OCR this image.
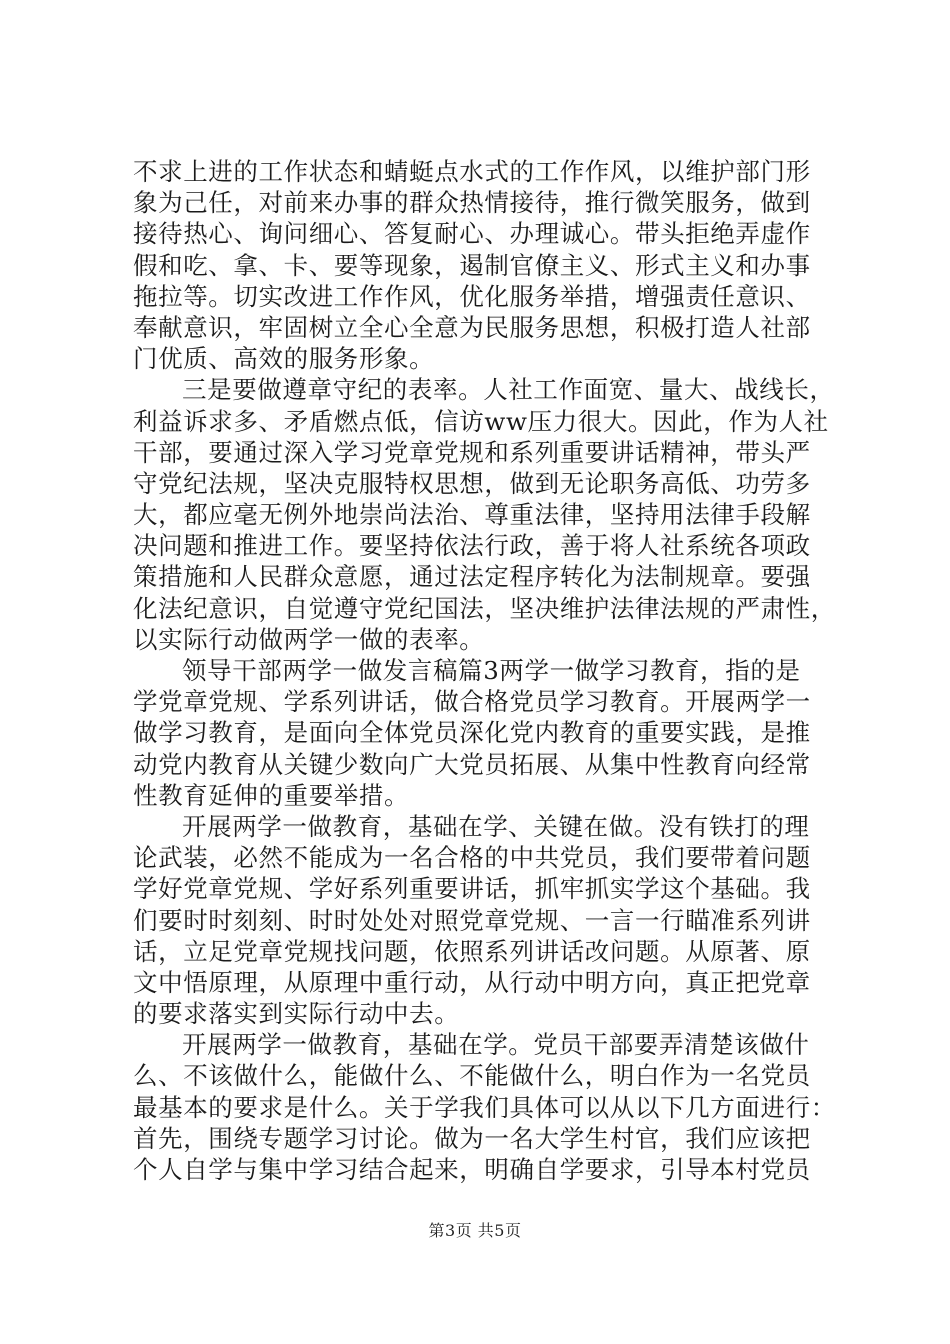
不求上进的工作状态和蜻蜓点水式的工作作风，以维护部门形
象为己任，对前来办事的群众热情接待，推行微笑服务，做到
接待热心、询问细心、答复耐心、办理诚心。带头拒绝弄虚作
假和吃、拿、卡、要等现象，遏制官僚主义、形式主义和办事
拖拉等。切实改进工作作风，优化服务举措，增强责任意识、
奉献意识，牢固树立全心全意为民服务思想，积极打造人社部
门优质、高效的服务形象。
三是要做遵章守纪的表率。人社工作面宽、量大、战线长，
利益诉求多、矛盾燃点低，信访ww压力很大。因此，作为人社
干部，要通过深入学习党章党规和系列重要讲话精神，带头严
守党纪法规，坚决克服特权思想，做到无论职务高低、功劳多
大，都应毫无例外地崇尚法治、尊重法律，坚持用法律手段解
决问题和推进工作。要坚持依法行政，善于将人社系统各项政
策措施和人民群众意愿，通过法定程序转化为法制规章。要强
化法纪意识，自觉遵守党纪国法，坚决维护法律法规的严肃性，
以实际行动做两学一做的表率。
领导干部两学一做发言稿篇3两学一做学习教育，指的是
学党章党规、学系列讲话，做合格党员学习教育。开展两学一
做学习教育，是面向全体党员深化党内教育的重要实践，是推
动党内教育从关键少数向广大党员拓展、从集中性教育向经常
性教育延伸的重要举措。
开展两学一做教育，基础在学、关键在做。没有铁打的理
论武装，必然不能成为一名合格的中共党员，我们要带着问题
学好党章党规、学好系列重要讲话，抓牢抓实学这个基础。我
们要时时刻刻、时时处处对照党章党规、一言一行瞄准系列讲
话，立足党章党规找问题，依照系列讲话改问题。从原著、原
文中悟原理，从原理中重行动，从行动中明方向，真正把党章
的要求落实到实际行动中去。
开展两学一做教育，基础在学。党员干部要弄清楚该做什
么、不该做什么，能做什么、不能做什么，明白作为一名党员
最基本的要求是什么。关于学我们具体可以从以下几方面进行：
首先，围绕专题学习讨论。做为一名大学生村官，我们应该把
个人自学与集中学习结合起来，明确自学要求，引导本村党员
第3页 共5页
